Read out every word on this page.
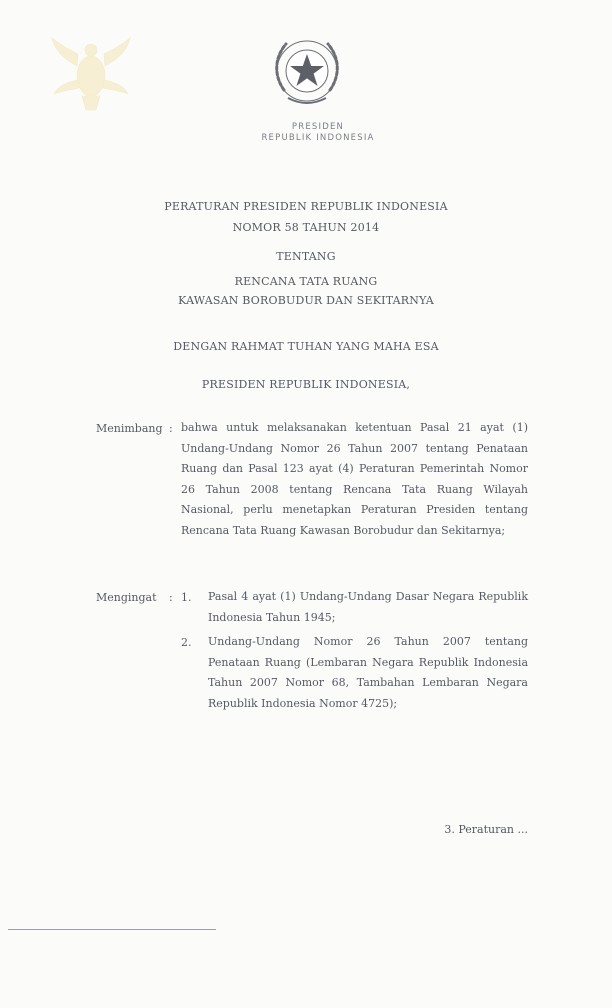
PRESIDEN
REPUBLIK INDONESIA
PERATURAN PRESIDEN REPUBLIK INDONESIA
NOMOR 58 TAHUN 2014
TENTANG
RENCANA TATA RUANG
KAWASAN BOROBUDUR DAN SEKITARNYA
DENGAN RAHMAT TUHAN YANG MAHA ESA
PRESIDEN REPUBLIK INDONESIA,
Menimbang : bahwa untuk melaksanakan ketentuan Pasal 21 ayat (1) Undang-Undang Nomor 26 Tahun 2007 tentang Penataan Ruang dan Pasal 123 ayat (4) Peraturan Pemerintah Nomor 26 Tahun 2008 tentang Rencana Tata Ruang Wilayah Nasional, perlu menetapkan Peraturan Presiden tentang Rencana Tata Ruang Kawasan Borobudur dan Sekitarnya;
Mengingat : 1. Pasal 4 ayat (1) Undang-Undang Dasar Negara Republik Indonesia Tahun 1945;
2. Undang-Undang Nomor 26 Tahun 2007 tentang Penataan Ruang (Lembaran Negara Republik Indonesia Tahun 2007 Nomor 68, Tambahan Lembaran Negara Republik Indonesia Nomor 4725);
3. Peraturan ...
